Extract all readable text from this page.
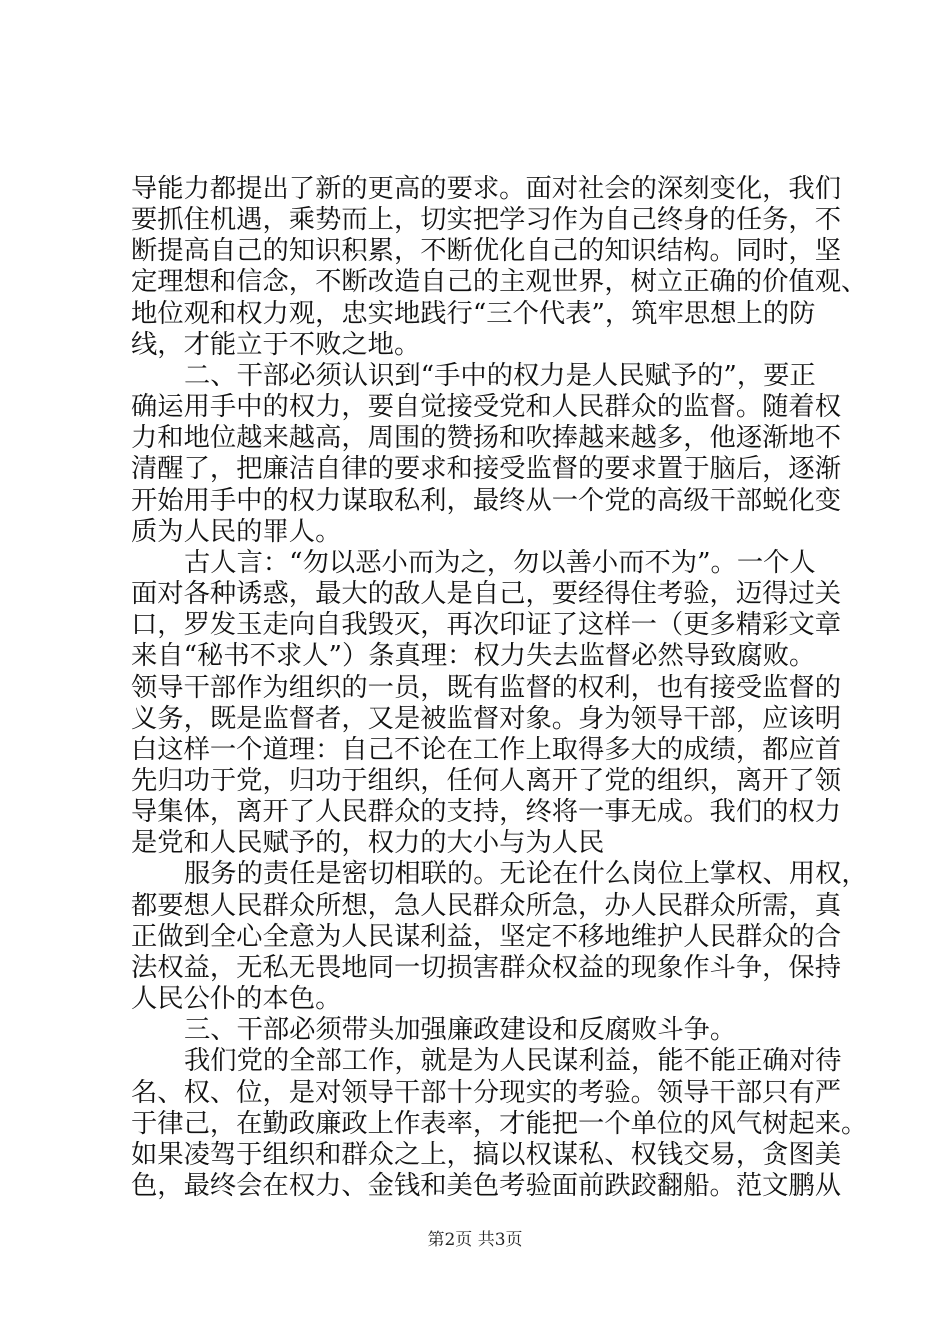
导能力都提出了新的更高的要求。面对社会的深刻变化，我们
要抓住机遇，乘势而上，切实把学习作为自己终身的任务，不
断提高自己的知识积累，不断优化自己的知识结构。同时，坚
定理想和信念，不断改造自己的主观世界，树立正确的价值观、
地位观和权力观，忠实地践行“三个代表”，筑牢思想上的防
线，才能立于不败之地。
二、干部必须认识到“手中的权力是人民赋予的”，要正
确运用手中的权力，要自觉接受党和人民群众的监督。随着权
力和地位越来越高，周围的赞扬和吹捧越来越多，他逐渐地不
清醒了，把廉洁自律的要求和接受监督的要求置于脑后，逐渐
开始用手中的权力谋取私利，最终从一个党的高级干部蜕化变
质为人民的罪人。
古人言：“勿以恶小而为之，勿以善小而不为”。一个人
面对各种诱惑，最大的敌人是自己，要经得住考验，迈得过关
口，罗发玉走向自我毁灭，再次印证了这样一（更多精彩文章
来自“秘书不求人”）条真理：权力失去监督必然导致腐败。
领导干部作为组织的一员，既有监督的权利，也有接受监督的
义务，既是监督者，又是被监督对象。身为领导干部，应该明
白这样一个道理：自己不论在工作上取得多大的成绩，都应首
先归功于党，归功于组织，任何人离开了党的组织，离开了领
导集体，离开了人民群众的支持，终将一事无成。我们的权力
是党和人民赋予的，权力的大小与为人民
服务的责任是密切相联的。无论在什么岗位上掌权、用权，
都要想人民群众所想，急人民群众所急，办人民群众所需，真
正做到全心全意为人民谋利益，坚定不移地维护人民群众的合
法权益，无私无畏地同一切损害群众权益的现象作斗争，保持
人民公仆的本色。
三、干部必须带头加强廉政建设和反腐败斗争。
我们党的全部工作，就是为人民谋利益，能不能正确对待
第2页 共3页
名、权、位，是对领导干部十分现实的考验。领导干部只有严
于律己，在勤政廉政上作表率，才能把一个单位的风气树起来。
如果凌驾于组织和群众之上，搞以权谋私、权钱交易，贪图美
色，最终会在权力、金钱和美色考验面前跌跤翻船。范文鹏从
